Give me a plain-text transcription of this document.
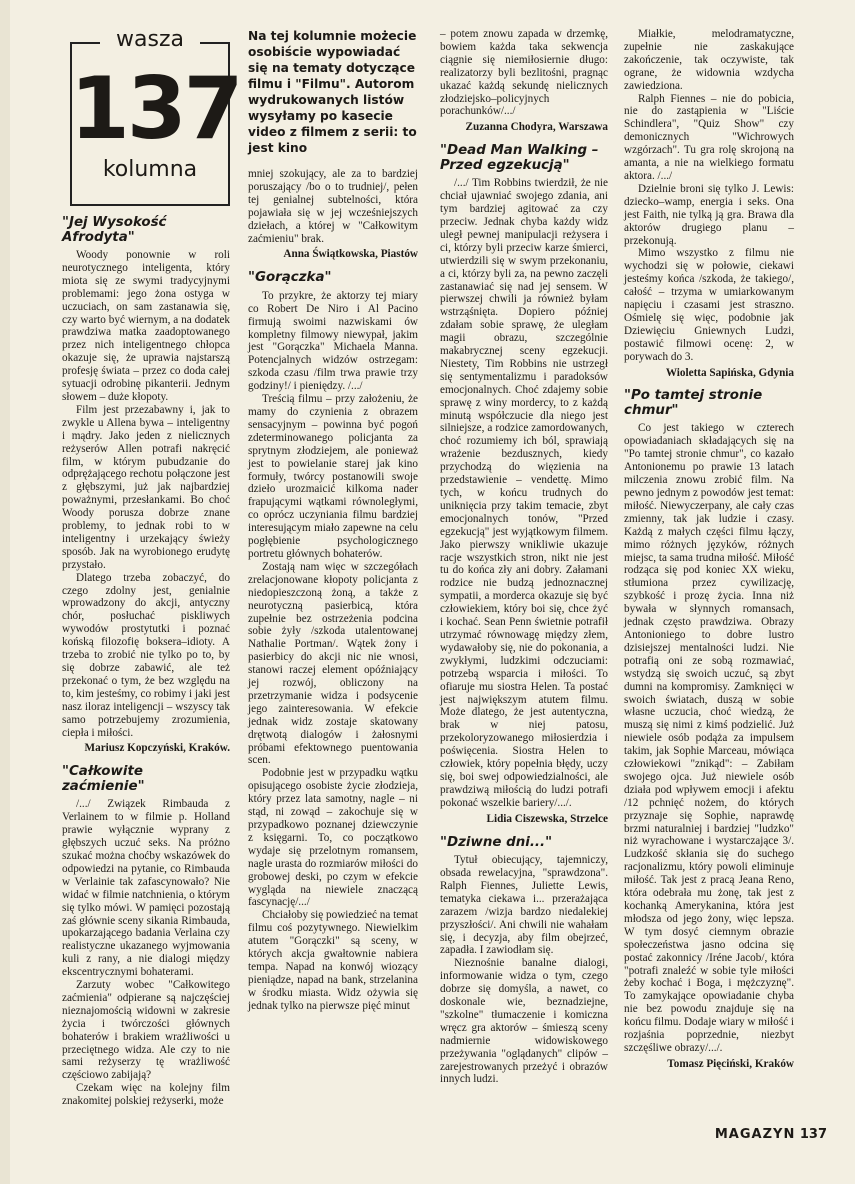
wasza
137
kolumna
"Jej Wysokość Afrodyta"

Woody ponownie w roli neurotycznego inteligenta, który miota się ze swymi tradycyjnymi problemami: jego żona ostyga w uczuciach, on sam zastanawia się, czy warto być wiernym, a na dodatek prawdziwa matka zaadoptowanego przez nich inteligentnego chłopca okazuje się, że uprawia najstarszą profesję świata – przez co doda całej sytuacji odrobinę pikanterii. Jednym słowem – duże kłopoty.

Film jest przezabawny i, jak to zwykle u Allena bywa – inteligentny i mądry. Jako jeden z nielicznych reżyserów Allen potrafi nakręcić film, w którym pubudzanie do odprężającego rechotu połączone jest z głębszymi, już jak najbardziej poważnymi, przesłankami. Bo choć Woody porusza dobrze znane problemy, to jednak robi to w inteligentny i urzekający świeży sposób. Jak na wyrobionego erudytę przystało.

Dlatego trzeba zobaczyć, do czego zdolny jest, genialnie wprowadzony do akcji, antyczny chór, posłuchać piskliwych wywodów prostytutki i poznać końską filozofię boksera–idioty. A trzeba to zrobić nie tylko po to, by się dobrze zabawić, ale też przekonać o tym, że bez względu na to, kim jesteśmy, co robimy i jaki jest nasz iloraz inteligencji – wszyscy tak samo potrzebujemy zrozumienia, ciepła i miłości.

Mariusz Kopczyński, Kraków.
"Całkowite zaćmienie"

/.../ Związek Rimbauda z Verlainem to w filmie p. Holland prawie wyłącznie wyprany z głębszych uczuć seks. Na próżno szukać można choćby wskazówek do odpowiedzi na pytanie, co Rimbauda w Verlainie tak zafascynowało? Nie widać w filmie natchnienia, o którym się tylko mówi. W pamięci pozostają zaś głównie sceny sikania Rimbauda, upokarzającego badania Verlaina czy realistyczne ukazanego wyjmowania kuli z rany, a nie dialogi między ekscentrycznymi bohaterami.

Zarzuty wobec "Całkowitego zaćmienia" odpierane są najczęściej nieznajomością widowni w zakresie życia i twórczości głównych bohaterów i brakiem wrażliwości u przeciętnego widza. Ale czy to nie sami reżyserzy tę wrażliwość częściowo zabijają?

Czekam więc na kolejny film znakomitej polskiej reżyserki, może

Na tej kolumnie możecie osobiście wypowiadać się na tematy dotyczące filmu i "Filmu". Autorom wydrukowanych listów wysyłamy po kasecie video z filmem z serii: to jest kino

mniej szokujący, ale za to bardziej poruszający /bo o to trudniej/, pełen tej genialnej subtelności, która pojawiała się w jej wcześniejszych dziełach, a której w "Całkowitym zaćmieniu" brak.

Anna Świątkowska, Piastów
"Gorączka"

To przykre, że aktorzy tej miary co Robert De Niro i Al Pacino firmują swoimi nazwiskami ów kompletny filmowy niewypał, jakim jest "Gorączka" Michaela Manna. Potencjalnych widzów ostrzegam: szkoda czasu /film trwa prawie trzy godziny!/ i pieniędzy. /.../

Treścią filmu – przy założeniu, że mamy do czynienia z obrazem sensacyjnym – powinna być pogoń zdeterminowanego policjanta za sprytnym złodziejem, ale ponieważ jest to powielanie starej jak kino formuły, twórcy postanowili swoje dzieło urozmaicić kilkoma nader frapującymi wątkami równoległymi, co oprócz uczyniania filmu bardziej interesującym miało zapewne na celu pogłębienie psychologicznego portretu głównych bohaterów.

Zostają nam więc w szczegółach zrelacjonowane kłopoty policjanta z niedopieszczoną żoną, a także z neurotyczną pasierbicą, która zupełnie bez ostrzeżenia podcina sobie żyły /szkoda utalentowanej Nathalie Portman/. Wątek żony i pasierbicy do akcji nic nie wnosi, stanowi raczej element opóźniający jej rozwój, obliczony na przetrzymanie widza i podsycenie jego zainteresowania. W efekcie jednak widz zostaje skatowany drętwotą dialogów i żałosnymi próbami efektownego puentowania scen.

Podobnie jest w przypadku wątku opisującego osobiste życie złodzieja, który przez lata samotny, nagle – ni stąd, ni zowąd – zakochuje się w przypadkowo poznanej dziewczynie z księgarni. To, co początkowo wydaje się przelotnym romansem, nagle urasta do rozmiarów miłości do grobowej deski, po czym w efekcie wygląda na niewiele znaczącą fascynację/.../

Chciałoby się powiedzieć na temat filmu coś pozytywnego. Niewielkim atutem "Gorączki" są sceny, w których akcja gwałtownie nabiera tempa. Napad na konwój wiozący pieniądze, napad na bank, strzelanina w środku miasta. Widz ożywia się jednak tylko na pierwsze pięć minut

– potem znowu zapada w drzemkę, bowiem każda taka sekwencja ciągnie się niemiłosiernie długo: realizatorzy byli bezlitośni, pragnąc ukazać każdą sekundę nielicznych złodziejsko–policyjnych porachunków/.../

Zuzanna Chodyra, Warszawa
"Dead Man Walking – Przed egzekucją"

/.../ Tim Robbins twierdził, że nie chciał ujawniać swojego zdania, ani tym bardziej agitować za czy przeciw. Jednak chyba każdy widz uległ pewnej manipulacji reżysera i ci, którzy byli przeciw karze śmierci, utwierdzili się w swym przekonaniu, a ci, którzy byli za, na pewno zaczęli zastanawiać się nad jej sensem. W pierwszej chwili ja również byłam wstrząśnięta. Dopiero później zdałam sobie sprawę, że uległam magii obrazu, szczególnie makabrycznej sceny egzekucji. Niestety, Tim Robbins nie ustrzegł się sentymentalizmu i paradoksów emocjonalnych. Choć zdajemy sobie sprawę z winy mordercy, to z każdą minutą współczucie dla niego jest silniejsze, a rodzice zamordowanych, choć rozumiemy ich ból, sprawiają wrażenie bezdusznych, kiedy przychodzą do więzienia na przedstawienie – vendettę. Mimo tych, w końcu trudnych do uniknięcia przy takim temacie, zbyt emocjonalnych tonów, "Przed egzekucją" jest wyjątkowym filmem. Jako pierwszy wnikliwie ukazuje racje wszystkich stron, nikt nie jest tu do końca zły ani dobry. Załamani rodzice nie budzą jednoznacznej sympatii, a morderca okazuje się być człowiekiem, który boi się, chce żyć i kochać. Sean Penn świetnie potrafił utrzymać równowagę między złem, wydawałoby się, nie do pokonania, a zwykłymi, ludzkimi odczuciami: potrzebą wsparcia i miłości. To ofiaruje mu siostra Helen. Ta postać jest największym atutem filmu. Może dlatego, że jest autentyczna, brak w niej patosu, przekoloryzowanego miłosierdzia i poświęcenia. Siostra Helen to człowiek, który popełnia błędy, uczy się, boi swej odpowiedzialności, ale prawdziwą miłością do ludzi potrafi pokonać wszelkie bariery/.../.

Lidia Ciszewska, Strzelce
"Dziwne dni..."

Tytuł obiecujący, tajemniczy, obsada rewelacyjna, "sprawdzona". Ralph Fiennes, Juliette Lewis, tematyka ciekawa i... przerażająca zarazem /wizja bardzo niedalekiej przyszłości/. Ani chwili nie wahałam się, i decyzja, aby film obejrzeć, zapadła. I zawiodłam się.

Nieznośnie banalne dialogi, informowanie widza o tym, czego dobrze się domyśla, a nawet, co doskonale wie, beznadziejne, "szkolne" tłumaczenie i komiczna wręcz gra aktorów – śmieszą sceny nadmiernie widowiskowego przeżywania "oglądanych" clipów – zarejestrowanych przeżyć i obrazów innych ludzi.

Miałkie, melodramatyczne, zupełnie nie zaskakujące zakończenie, tak oczywiste, tak ograne, że widownia wzdycha zawiedziona.

Ralph Fiennes – nie do pobicia, nie do zastąpienia w "Liście Schindlera", "Quiz Show" czy demonicznych "Wichrowych wzgórzach". Tu gra rolę skrojoną na amanta, a nie na wielkiego formatu aktora. /.../

Dzielnie broni się tylko J. Lewis: dziecko–wamp, energia i seks. Ona jest Faith, nie tylką ją gra. Brawa dla aktorów drugiego planu – przekonują.

Mimo wszystko z filmu nie wychodzi się w połowie, ciekawi jesteśmy końca /szkoda, że takiego/, całość – trzyma w umiarkowanym napięciu i czasami jest straszno. Ośmielę się więc, podobnie jak Dziewięciu Gniewnych Ludzi, postawić filmowi ocenę: 2, w porywach do 3.

Wioletta Sapińska, Gdynia
"Po tamtej stronie chmur"

Co jest takiego w czterech opowiadaniach składających się na "Po tamtej stronie chmur", co kazało Antonionemu po prawie 13 latach milczenia znowu zrobić film. Na pewno jednym z powodów jest temat: miłość. Niewyczerpany, ale cały czas zmienny, tak jak ludzie i czasy. Każdą z małych części filmu łączy, mimo różnych języków, różnych miejsc, ta sama trudna miłość. Miłość rodząca się pod koniec XX wieku, stłumiona przez cywilizację, szybkość i prozę życia. Inna niż bywała w słynnych romansach, jednak często prawdziwa. Obrazy Antonioniego to dobre lustro dzisiejszej mentalności ludzi. Nie potrafią oni ze sobą rozmawiać, wstydzą się swoich uczuć, są zbyt dumni na kompromisy. Zamknięci w swoich światach, duszą w sobie własne uczucia, choć wiedzą, że muszą się nimi z kimś podzielić. Już niewiele osób podąża za impulsem takim, jak Sophie Marceau, mówiąca człowiekowi "znikąd": – Zabiłam swojego ojca. Już niewiele osób działa pod wpływem emocji i afektu /12 pchnięć nożem, do których przyznaje się Sophie, naprawdę brzmi naturalniej i bardziej "ludzko" niż wyrachowane i wystarczające 3/. Ludzkość skłania się do suchego racjonalizmu, który powoli eliminuje miłość. Tak jest z pracą Jeana Reno, która odebrała mu żonę, tak jest z kochanką Amerykanina, która jest młodsza od jego żony, więc lepsza. W tym dosyć ciemnym obrazie społeczeństwa jasno odcina się postać zakonnicy /Iréne Jacob/, która "potrafi znaleźć w sobie tyle miłości żeby kochać i Boga, i mężczyznę". To zamykające opowiadanie chyba nie bez powodu znajduje się na końcu filmu. Dodaje wiary w miłość i rozjaśnia poprzednie, niezbyt szczęśliwe obrazy/.../.

Tomasz Pięciński, Kraków
MAGAZYN 137
